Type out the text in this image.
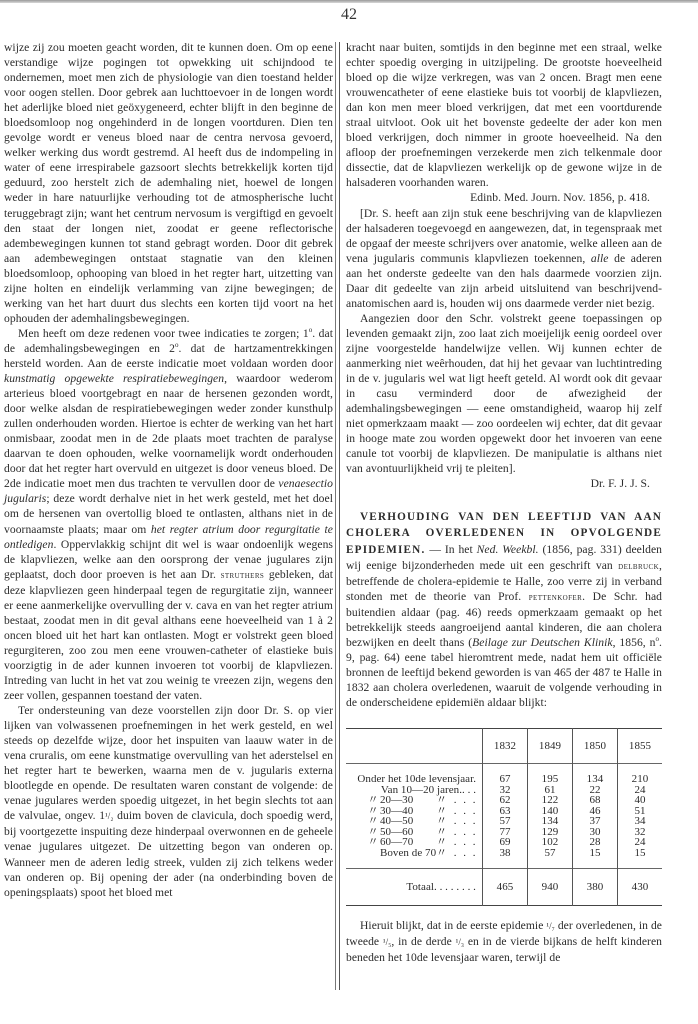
42

wijze zij zou moeten geacht worden, dit te kunnen doen. Om op eene verstandige wijze pogingen tot opwekking uit schijndood te ondernemen, moet men zich de physiologie van dien toestand helder voor oogen stellen. Door gebrek aan luchttoevoer in de longen wordt het aderlijke bloed niet geöxygeneerd, echter blijft in den beginne de bloedsomloop nog ongehinderd in de longen voortduren. Dien ten gevolge wordt er veneus bloed naar de centra nervosa gevoerd, welker werking dus wordt gestremd. Al heeft dus de indompeling in water of eene irrespirabele gazsoort slechts betrekkelijk korten tijd geduurd, zoo herstelt zich de ademhaling niet, hoewel de longen weder in hare natuurlijke verhouding tot de atmospherische lucht teruggebragt zijn; want het centrum nervosum is vergiftigd en gevoelt den staat der longen niet, zoodat er geene reflectorische adembewegingen kunnen tot stand gebragt worden. Door dit gebrek aan adembewegingen ontstaat stagnatie van den kleinen bloedsomloop, ophooping van bloed in het regter hart, uitzetting van zijne holten en eindelijk verlamming van zijne bewegingen; de werking van het hart duurt dus slechts een korten tijd voort na het ophouden der ademhalingsbewegingen.

Men heeft om deze redenen voor twee indicaties te zorgen; 1$^o$. dat de ademhalingsbewegingen en 2$^o$. dat de hartzamentrekkingen hersteld worden. Aan de eerste indicatie moet voldaan worden door kunstmatig opgewekte respiratiebewegingen, waardoor wederom arterieus bloed voortgebragt en naar de hersenen gezonden wordt, door welke alsdan de respiratiebewegingen weder zonder kunsthulp zullen onderhouden worden. Hiertoe is echter de werking van het hart onmisbaar, zoodat men in de 2de plaats moet trachten de paralyse daarvan te doen ophouden, welke voornamelijk wordt onderhouden door dat het regter hart overvuld en uitgezet is door veneus bloed. De 2de indicatie moet men dus trachten te vervullen door de venaesectio jugularis; deze wordt derhalve niet in het werk gesteld, met het doel om de hersenen van overtollig bloed te ontlasten, althans niet in de voornaamste plaats; maar om het regter atrium door regurgitatie te ontledigen. Oppervlakkig schijnt dit wel is waar ondoenlijk wegens de klapvliezen, welke aan den oorsprong der venae jugulares zijn geplaatst, doch door proeven is het aan Dr. struthers gebleken, dat deze klapvliezen geen hinderpaal tegen de regurgitatie zijn, wanneer er eene aanmerkelijke overvulling der v. cava en van het regter atrium bestaat, zoodat men in dit geval althans eene hoeveelheid van 1 à 2 oncen bloed uit het hart kan ontlasten. Mogt er volstrekt geen bloed regurgiteren, zoo zou men eene vrouwen-catheter of elastieke buis voorzigtig in de ader kunnen invoeren tot voorbij de klapvliezen. Intreding van lucht in het vat zou weinig te vreezen zijn, wegens den zeer vollen, gespannen toestand der vaten.

Ter ondersteuning van deze voorstellen zijn door Dr. S. op vier lijken van volwassenen proefnemingen in het werk gesteld, en wel steeds op dezelfde wijze, door het inspuiten van laauw water in de vena cruralis, om eene kunstmatige overvulling van het aderstelsel en het regter hart te bewerken, waarna men de v. jugularis externa blootlegde en opende. De resultaten waren constant de volgende: de venae jugulares werden spoedig uitgezet, in het begin slechts tot aan de valvulae, ongev. 1¹/₂ duim boven de clavicula, doch spoedig werd, bij voortgezette inspuiting deze hinderpaal overwonnen en de geheele venae jugulares uitgezet. De uitzetting begon van onderen op. Wanneer men de aderen ledig streek, vulden zij zich telkens weder van onderen op. Bij opening der ader (na onderbinding boven de openingsplaats) spoot het bloed met

kracht naar buiten, somtijds in den beginne met een straal, welke echter spoedig overging in uitzijpeling. De grootste hoeveelheid bloed op die wijze verkregen, was van 2 oncen. Bragt men eene vrouwencatheter of eene elastieke buis tot voorbij de klapvliezen, dan kon men meer bloed verkrijgen, dat met een voortdurende straal uitvloot. Ook uit het bovenste gedeelte der ader kon men bloed verkrijgen, doch nimmer in groote hoeveelheid. Na den afloop der proefnemingen verzekerde men zich telkenmale door dissectie, dat de klapvliezen werkelijk op de gewone wijze in de halsaderen voorhanden waren.

Edinb. Med. Journ. Nov. 1856, p. 418.

[Dr. S. heeft aan zijn stuk eene beschrijving van de klapvliezen der halsaderen toegevoegd en aangewezen, dat, in tegenspraak met de opgaaf der meeste schrijvers over anatomie, welke alleen aan de vena jugularis communis klapvliezen toekennen, alle de aderen aan het onderste gedeelte van den hals daarmede voorzien zijn. Daar dit gedeelte van zijn arbeid uitsluitend van beschrijvend-anatomischen aard is, houden wij ons daarmede verder niet bezig.

Aangezien door den Schr. volstrekt geene toepassingen op levenden gemaakt zijn, zoo laat zich moeijelijk eenig oordeel over zijne voorgestelde handelwijze vellen. Wij kunnen echter de aanmerking niet weêrhouden, dat hij het gevaar van luchtintreding in de v. jugularis wel wat ligt heeft geteld. Al wordt ook dit gevaar in casu verminderd door de afwezigheid der ademhalingsbewegingen — eene omstandigheid, waarop hij zelf niet opmerkzaam maakt — zoo oordeelen wij echter, dat dit gevaar in hooge mate zou worden opgewekt door het invoeren van eene canule tot voorbij de klapvliezen. De manipulatie is althans niet van avontuurlijkheid vrij te pleiten].

Dr. F. J. J. S.

VERHOUDING VAN DEN LEEFTIJD VAN AAN CHOLERA OVERLEDENEN IN OPVOLGENDE EPIDEMIEN. — In het Ned. Weekbl. (1856, pag. 331) deelden wij eenige bijzonderheden mede uit een geschrift van delbruck, betreffende de cholera-epidemie te Halle, zoo verre zij in verband stonden met de theorie van Prof. pettenkofer. De Schr. had buitendien aldaar (pag. 46) reeds opmerkzaam gemaakt op het betrekkelijk steeds aangroeijend aantal kinderen, die aan cholera bezwijken en deelt thans (Beilage zur Deutschen Klinik, 1856, $n^o$. 9, pag. 64) eene tabel hieromtrent mede, nadat hem uit officiële bronnen de leeftijd bekend geworden is van 465 der 487 te Halle in 1832 aan cholera overledenen, waaruit de volgende verhouding in de onderscheidene epidemiën aldaar blijkt:

	1832	1849	1850	1855
Onder het 10de levensjaar.	67	195	134	210
Van 10—20 jaren.. . .	32	61	22	24
〃20—30 〃 . . .	62	122	68	40
〃30—40 〃 . . .	63	140	46	51
〃40—50 〃 . . .	57	134	37	34
〃50—60 〃 . . .	77	129	30	32
〃60—70 〃 . . .	69	102	28	24
Boven de 70〃 . . .	38	57	15	15
Totaal. . . . . . . .	465	940	380	430

Hieruit blijkt, dat in de eerste epidemie ¹/₇ der overledenen, in de tweede ¹/₅, in de derde ¹/₃ en in de vierde bijkans de helft kinderen beneden het 10de levensjaar waren, terwijl de
